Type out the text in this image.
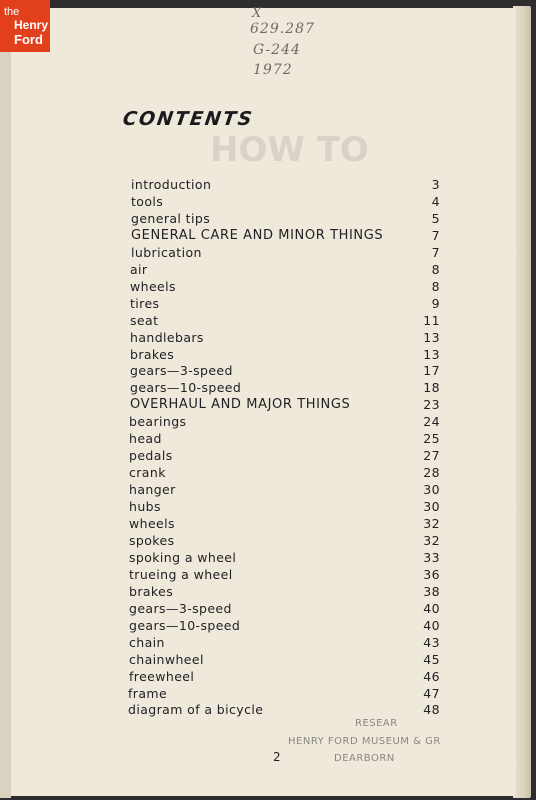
the
Henry
Ford
X
629.287
G-244
1972
HOW TO
CONTENTS
introduction	3
tools	4
general tips	5
GENERAL CARE AND MINOR THINGS	7
lubrication	7
air	8
wheels	8
tires	9
seat	11
handlebars	13
brakes	13
gears—3-speed	17
gears—10-speed	18
OVERHAUL AND MAJOR THINGS	23
bearings	24
head	25
pedals	27
crank	28
hanger	30
hubs	30
wheels	32
spokes	32
spoking a wheel	33
trueing a wheel	36
brakes	38
gears—3-speed	40
gears—10-speed	40
chain	43
chainwheel	45
freewheel	46
frame	47
diagram of a bicycle	48
RESEAR
HENRY FORD MUSEUM & GR
DEARBORN
2
